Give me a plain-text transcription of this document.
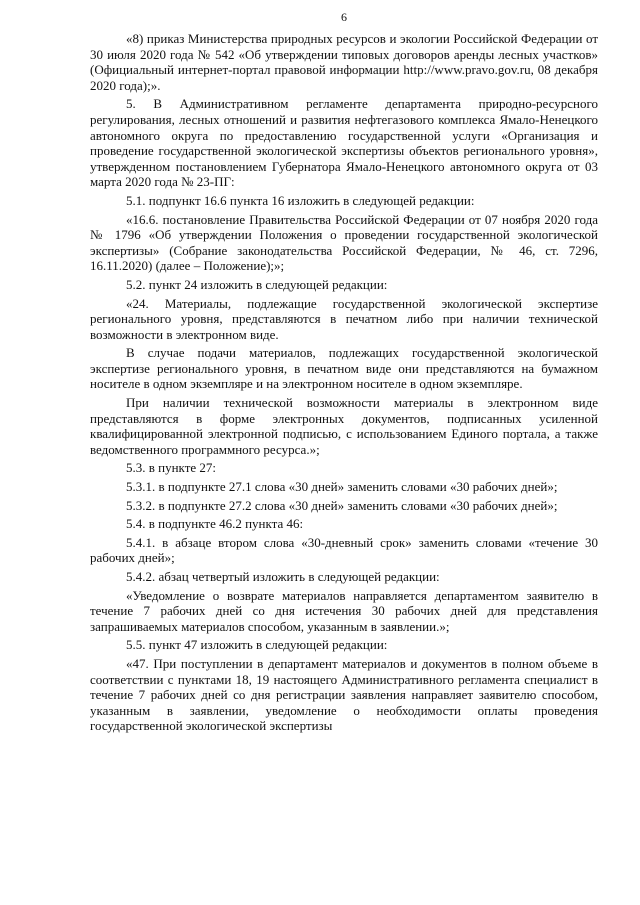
6

«8) приказ Министерства природных ресурсов и экологии Российской Федерации от 30 июля 2020 года № 542 «Об утверждении типовых договоров аренды лесных участков» (Официальный интернет-портал правовой информации http://www.pravo.gov.ru, 08 декабря 2020 года);».

5. В Административном регламенте департамента природно-ресурсного регулирования, лесных отношений и развития нефтегазового комплекса Ямало-Ненецкого автономного округа по предоставлению государственной услуги «Организация и проведение государственной экологической экспертизы объектов регионального уровня», утвержденном постановлением Губернатора Ямало-Ненецкого автономного округа от 03 марта 2020 года № 23-ПГ:

5.1. подпункт 16.6 пункта 16 изложить в следующей редакции:

«16.6. постановление Правительства Российской Федерации от 07 ноября 2020 года № 1796 «Об утверждении Положения о проведении государственной экологической экспертизы» (Собрание законодательства Российской Федерации, № 46, ст. 7296, 16.11.2020) (далее – Положение);»;

5.2. пункт 24 изложить в следующей редакции:

«24. Материалы, подлежащие государственной экологической экспертизе регионального уровня, представляются в печатном либо при наличии технической возможности в электронном виде.

В случае подачи материалов, подлежащих государственной экологической экспертизе регионального уровня, в печатном виде они представляются на бумажном носителе в одном экземпляре и на электронном носителе в одном экземпляре.

При наличии технической возможности материалы в электронном виде представляются в форме электронных документов, подписанных усиленной квалифицированной электронной подписью, с использованием Единого портала, а также ведомственного программного ресурса.»;

5.3. в пункте 27:

5.3.1. в подпункте 27.1 слова «30 дней» заменить словами «30 рабочих дней»;

5.3.2. в подпункте 27.2 слова «30 дней» заменить словами «30 рабочих дней»;

5.4. в подпункте 46.2 пункта 46:

5.4.1. в абзаце втором слова «30-дневный срок» заменить словами «течение 30 рабочих дней»;

5.4.2. абзац четвертый изложить в следующей редакции:

«Уведомление о возврате материалов направляется департаментом заявителю в течение 7 рабочих дней со дня истечения 30 рабочих дней для представления запрашиваемых материалов способом, указанным в заявлении.»;

5.5. пункт 47 изложить в следующей редакции:

«47. При поступлении в департамент материалов и документов в полном объеме в соответствии с пунктами 18, 19 настоящего Административного регламента специалист в течение 7 рабочих дней со дня регистрации заявления направляет заявителю способом, указанным в заявлении, уведомление о необходимости оплаты проведения государственной экологической экспертизы
